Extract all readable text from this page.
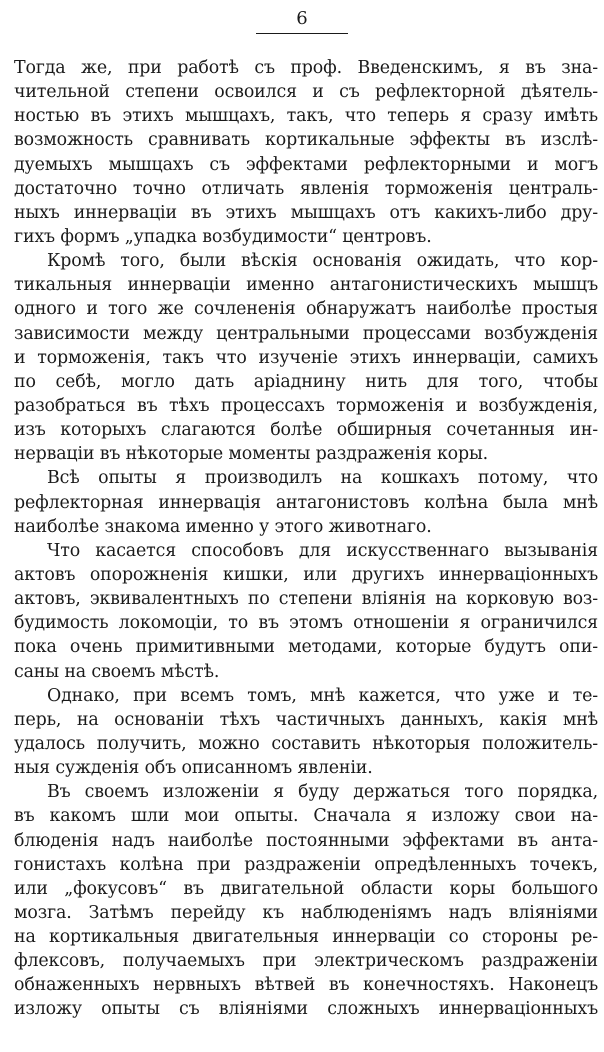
6
Тогда же, при работѣ съ проф. Введенскимъ, я въ зна-
чительной степени освоился и съ рефлекторной дѣятель-
ностью въ этихъ мышцахъ, такъ, что теперь я сразу имѣть
возможность сравнивать кортикальные эффекты въ изслѣ-
дуемыхъ мышцахъ съ эффектами рефлекторными и могъ
достаточно точно отличать явленія торможенія централь-
ныхъ иннерваціи въ этихъ мышцахъ отъ какихъ-либо дру-
гихъ формъ „упадка возбудимости“ центровъ.
Кромѣ того, были вѣскія основанія ожидать, что кор-
тикальныя иннерваціи именно антагонистическихъ мышцъ
одного и того же сочлененія обнаружатъ наиболѣе простыя
зависимости между центральными процессами возбужденія
и торможенія, такъ что изученіе этихъ иннерваціи, самихъ
по себѣ, могло дать аріаднину нить для того, чтобы
разобраться въ тѣхъ процессахъ торможенія и возбужденія,
изъ которыхъ слагаются болѣе обширныя сочетанныя ин-
нерваціи въ нѣкоторые моменты раздраженія коры.
Всѣ опыты я производилъ на кошкахъ потому, что
рефлекторная иннервація антагонистовъ колѣна была мнѣ
наиболѣе знакома именно у этого животнаго.
Что касается способовъ для искусственнаго вызыванія
актовъ опорожненія кишки, или другихъ иннерваціонныхъ
актовъ, эквивалентныхъ по степени вліянія на корковую воз-
будимость локомоціи, то въ этомъ отношеніи я ограничился
пока очень примитивными методами, которые будутъ опи-
саны на своемъ мѣстѣ.
Однако, при всемъ томъ, мнѣ кажется, что уже и те-
перь, на основаніи тѣхъ частичныхъ данныхъ, какія мнѣ
удалось получить, можно составить нѣкоторыя положитель-
ныя сужденія объ описанномъ явленіи.
Въ своемъ изложеніи я буду держаться того порядка,
въ какомъ шли мои опыты. Сначала я изложу свои на-
блюденія надъ наиболѣе постоянными эффектами въ анта-
гонистахъ колѣна при раздраженіи опредѣленныхъ точекъ,
или „фокусовъ“ въ двигательной области коры большого
мозга. Затѣмъ перейду къ наблюденіямъ надъ вліяніями
на кортикальныя двигательныя иннерваціи со стороны ре-
флексовъ, получаемыхъ при электрическомъ раздраженіи
обнаженныхъ нервныхъ вѣтвей въ конечностяхъ. Наконецъ
изложу опыты съ вліяніями сложныхъ иннерваціонныхъ
